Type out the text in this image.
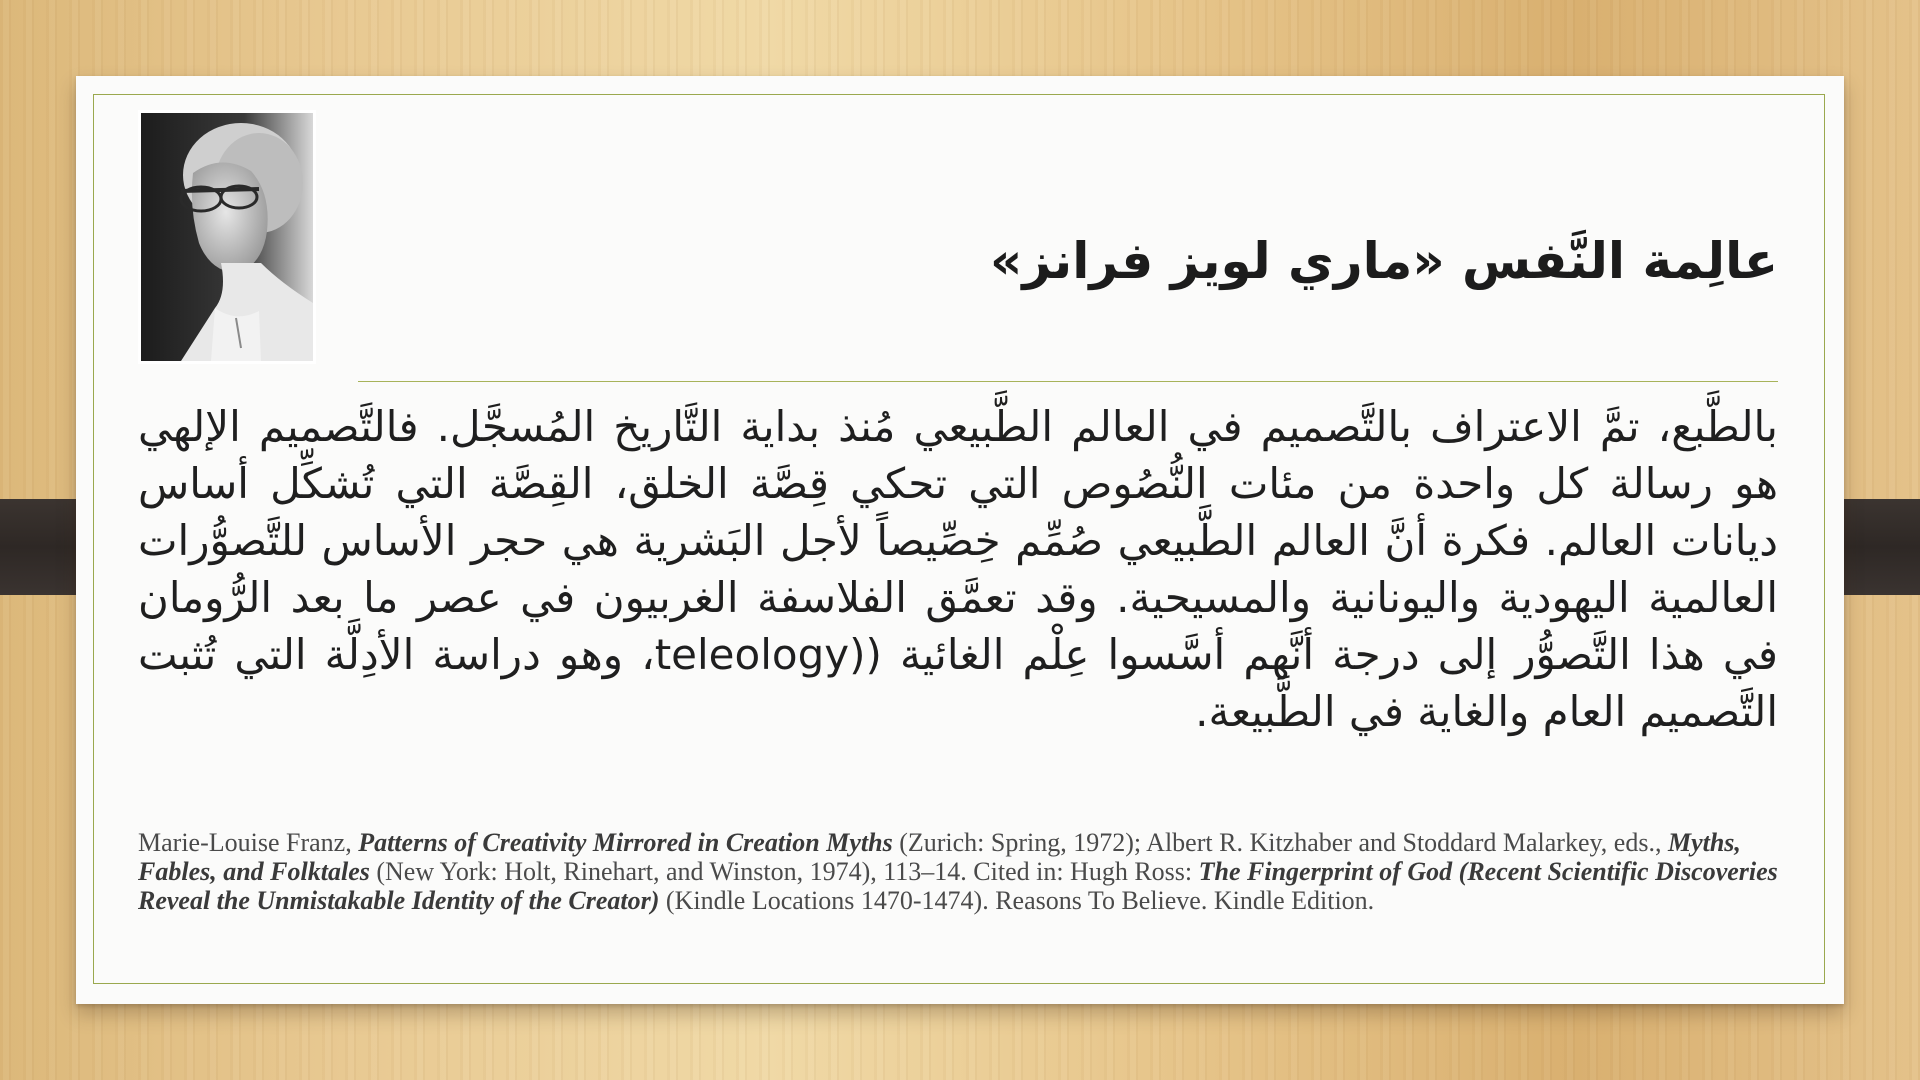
عالِمة النَّفس «ماري لويز فرانز»
بالطَّبع، تمَّ الاعتراف بالتَّصميم في العالم الطَّبيعي مُنذ بداية التَّاريخ المُسجَّل. فالتَّصميم الإلهي هو رسالة كل واحدة من مئات النُّصُوص التي تحكي قِصَّة الخلق، القِصَّة التي تُشكِّل أساس ديانات العالم. فكرة أنَّ العالم الطَّبيعي صُمِّم خِصِّيصاً لأجل البَشرية هي حجر الأساس للتَّصوُّرات العالمية اليهودية واليونانية والمسيحية. وقد تعمَّق الفلاسفة الغربيون في عصر ما بعد الرُّومان في هذا التَّصوُّر إلى درجة أنَّهم أسَّسوا عِلْم الغائية ((teleology، وهو دراسة الأدِلَّة التي تُثبت التَّصميم العام والغاية في الطَّبيعة.
Marie-Louise Franz, Patterns of Creativity Mirrored in Creation Myths (Zurich: Spring, 1972); Albert R. Kitzhaber and Stoddard Malarkey, eds., Myths, Fables, and Folktales (New York: Holt, Rinehart, and Winston, 1974), 113–14. Cited in: Hugh Ross: The Fingerprint of God (Recent Scientific Discoveries Reveal the Unmistakable Identity of the Creator) (Kindle Locations 1470-1474). Reasons To Believe. Kindle Edition.
